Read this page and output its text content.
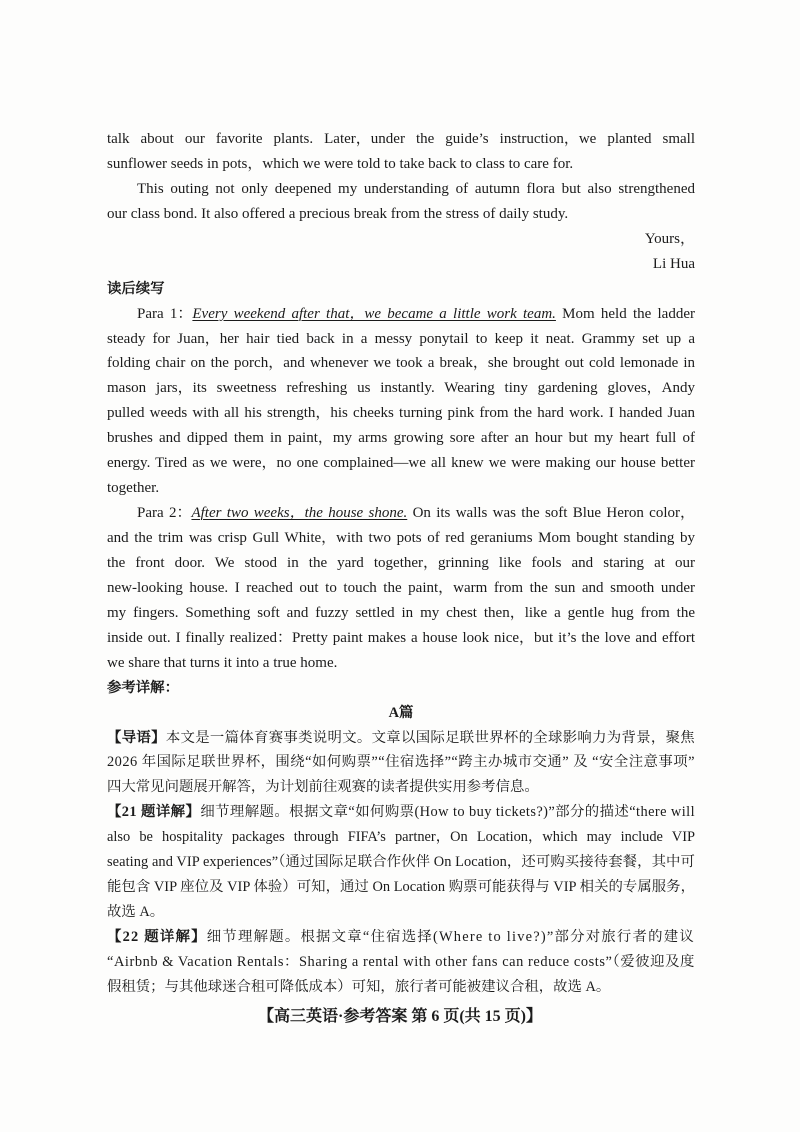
talk about our favorite plants. Later，under the guide’s instruction，we planted small
sunflower seeds in pots，which we were told to take back to class to care for.
This outing not only deepened my understanding of autumn flora but also strengthened
our class bond. It also offered a precious break from the stress of daily study.
Yours，
Li Hua
读后续写
Para 1：Every weekend after that，we became a little work team. Mom held the ladder
steady for Juan，her hair tied back in a messy ponytail to keep it neat. Grammy set up a
folding chair on the porch，and whenever we took a break，she brought out cold lemonade in
mason jars，its sweetness refreshing us instantly. Wearing tiny gardening gloves，Andy
pulled weeds with all his strength，his cheeks turning pink from the hard work. I handed Juan
brushes and dipped them in paint，my arms growing sore after an hour but my heart full of
energy. Tired as we were，no one complained—we all knew we were making our house better
together.
Para 2：After two weeks，the house shone. On its walls was the soft Blue Heron color，
and the trim was crisp Gull White，with two pots of red geraniums Mom bought standing by
the front door. We stood in the yard together，grinning like fools and staring at our
new-looking house. I reached out to touch the paint，warm from the sun and smooth under
my fingers. Something soft and fuzzy settled in my chest then，like a gentle hug from the
inside out. I finally realized：Pretty paint makes a house look nice，but it’s the love and effort
we share that turns it into a true home.
参考详解：
A篇
【导语】本文是一篇体育赛事类说明文。文章以国际足联世界杯的全球影响力为背景，聚焦
2026 年国际足联世界杯，围绕“如何购票”“住宿选择”“跨主办城市交通” 及 “安全注意事项”
四大常见问题展开解答，为计划前往观赛的读者提供实用参考信息。
【21 题详解】细节理解题。根据文章“如何购票(How to buy tickets?)”部分的描述“there will
also be hospitality packages through FIFA’s partner，On Location，which may include VIP
seating and VIP experiences”（通过国际足联合作伙伴 On Location，还可购买接待套餐，其中可
能包含 VIP 座位及 VIP 体验）可知，通过 On Location 购票可能获得与 VIP 相关的专属服务，
故选 A。
【22 题详解】细节理解题。根据文章“住宿选择(Where to live?)”部分对旅行者的建议
“Airbnb & Vacation Rentals：Sharing a rental with other fans can reduce costs”（爱彼迎及度
假租赁；与其他球迷合租可降低成本）可知，旅行者可能被建议合租，故选 A。
【高三英语·参考答案 第 6 页(共 15 页)】
